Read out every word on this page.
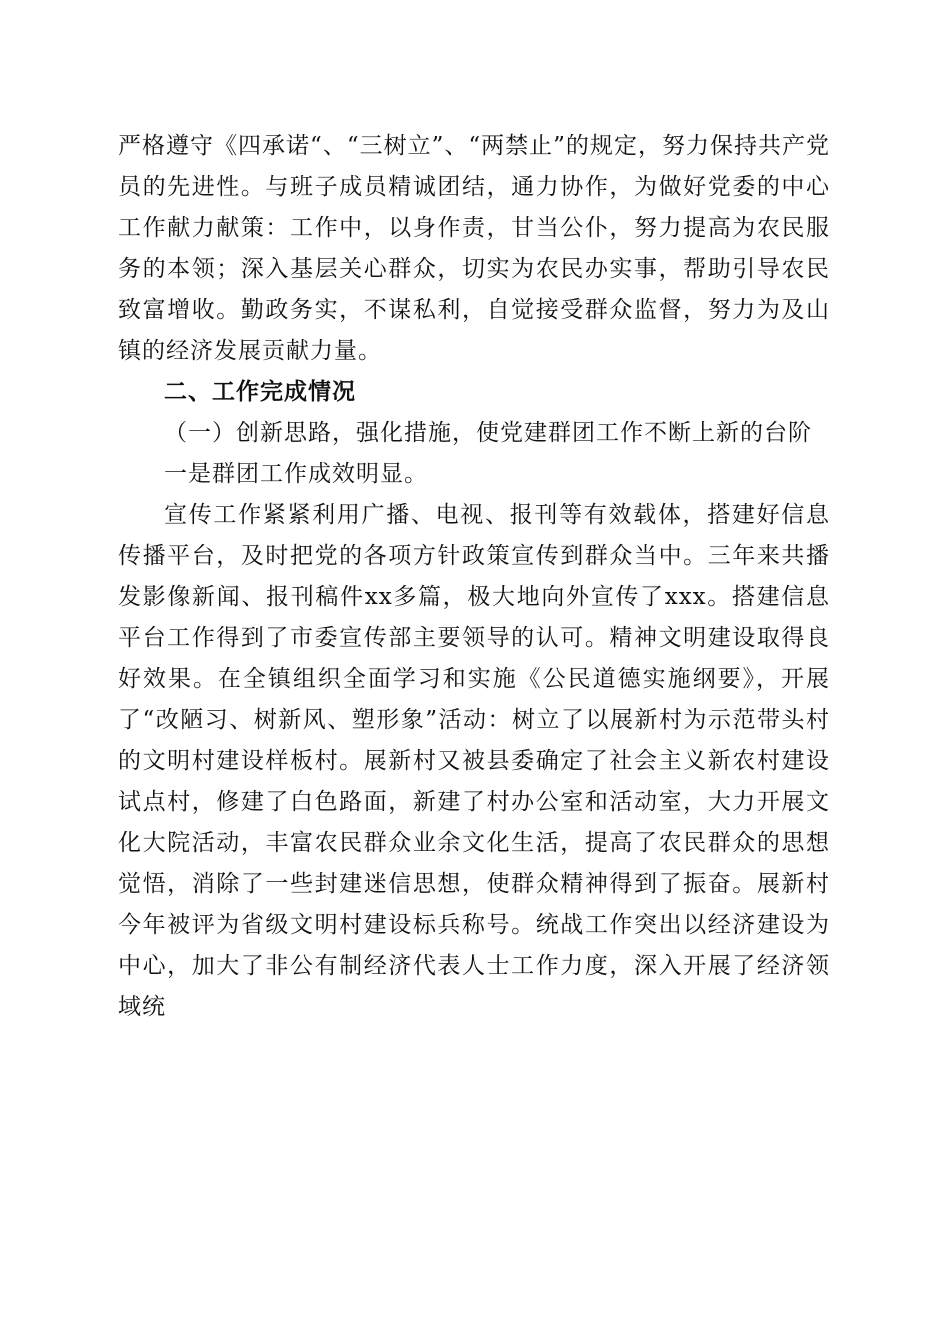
严格遵守《四承诺“、“三树立”、“两禁止”的规定，努力保持共产党员的先进性。与班子成员精诚团结，通力协作，为做好党委的中心工作献力献策：工作中，以身作责，甘当公仆，努力提高为农民服务的本领；深入基层关心群众，切实为农民办实事，帮助引导农民致富增收。勤政务实，不谋私利，自觉接受群众监督，努力为及山镇的经济发展贡献力量。

二、工作完成情况

（一）创新思路，强化措施，使党建群团工作不断上新的台阶

一是群团工作成效明显。

宣传工作紧紧利用广播、电视、报刊等有效载体，搭建好信息传播平台，及时把党的各项方针政策宣传到群众当中。三年来共播发影像新闻、报刊稿件xx多篇，极大地向外宣传了xxx。搭建信息平台工作得到了市委宣传部主要领导的认可。精神文明建设取得良好效果。在全镇组织全面学习和实施《公民道德实施纲要》，开展了“改陋习、树新风、塑形象”活动：树立了以展新村为示范带头村的文明村建设样板村。展新村又被县委确定了社会主义新农村建设试点村，修建了白色路面，新建了村办公室和活动室，大力开展文化大院活动，丰富农民群众业余文化生活，提高了农民群众的思想觉悟，消除了一些封建迷信思想，使群众精神得到了振奋。展新村今年被评为省级文明村建设标兵称号。统战工作突出以经济建设为中心，加大了非公有制经济代表人士工作力度，深入开展了经济领域统
